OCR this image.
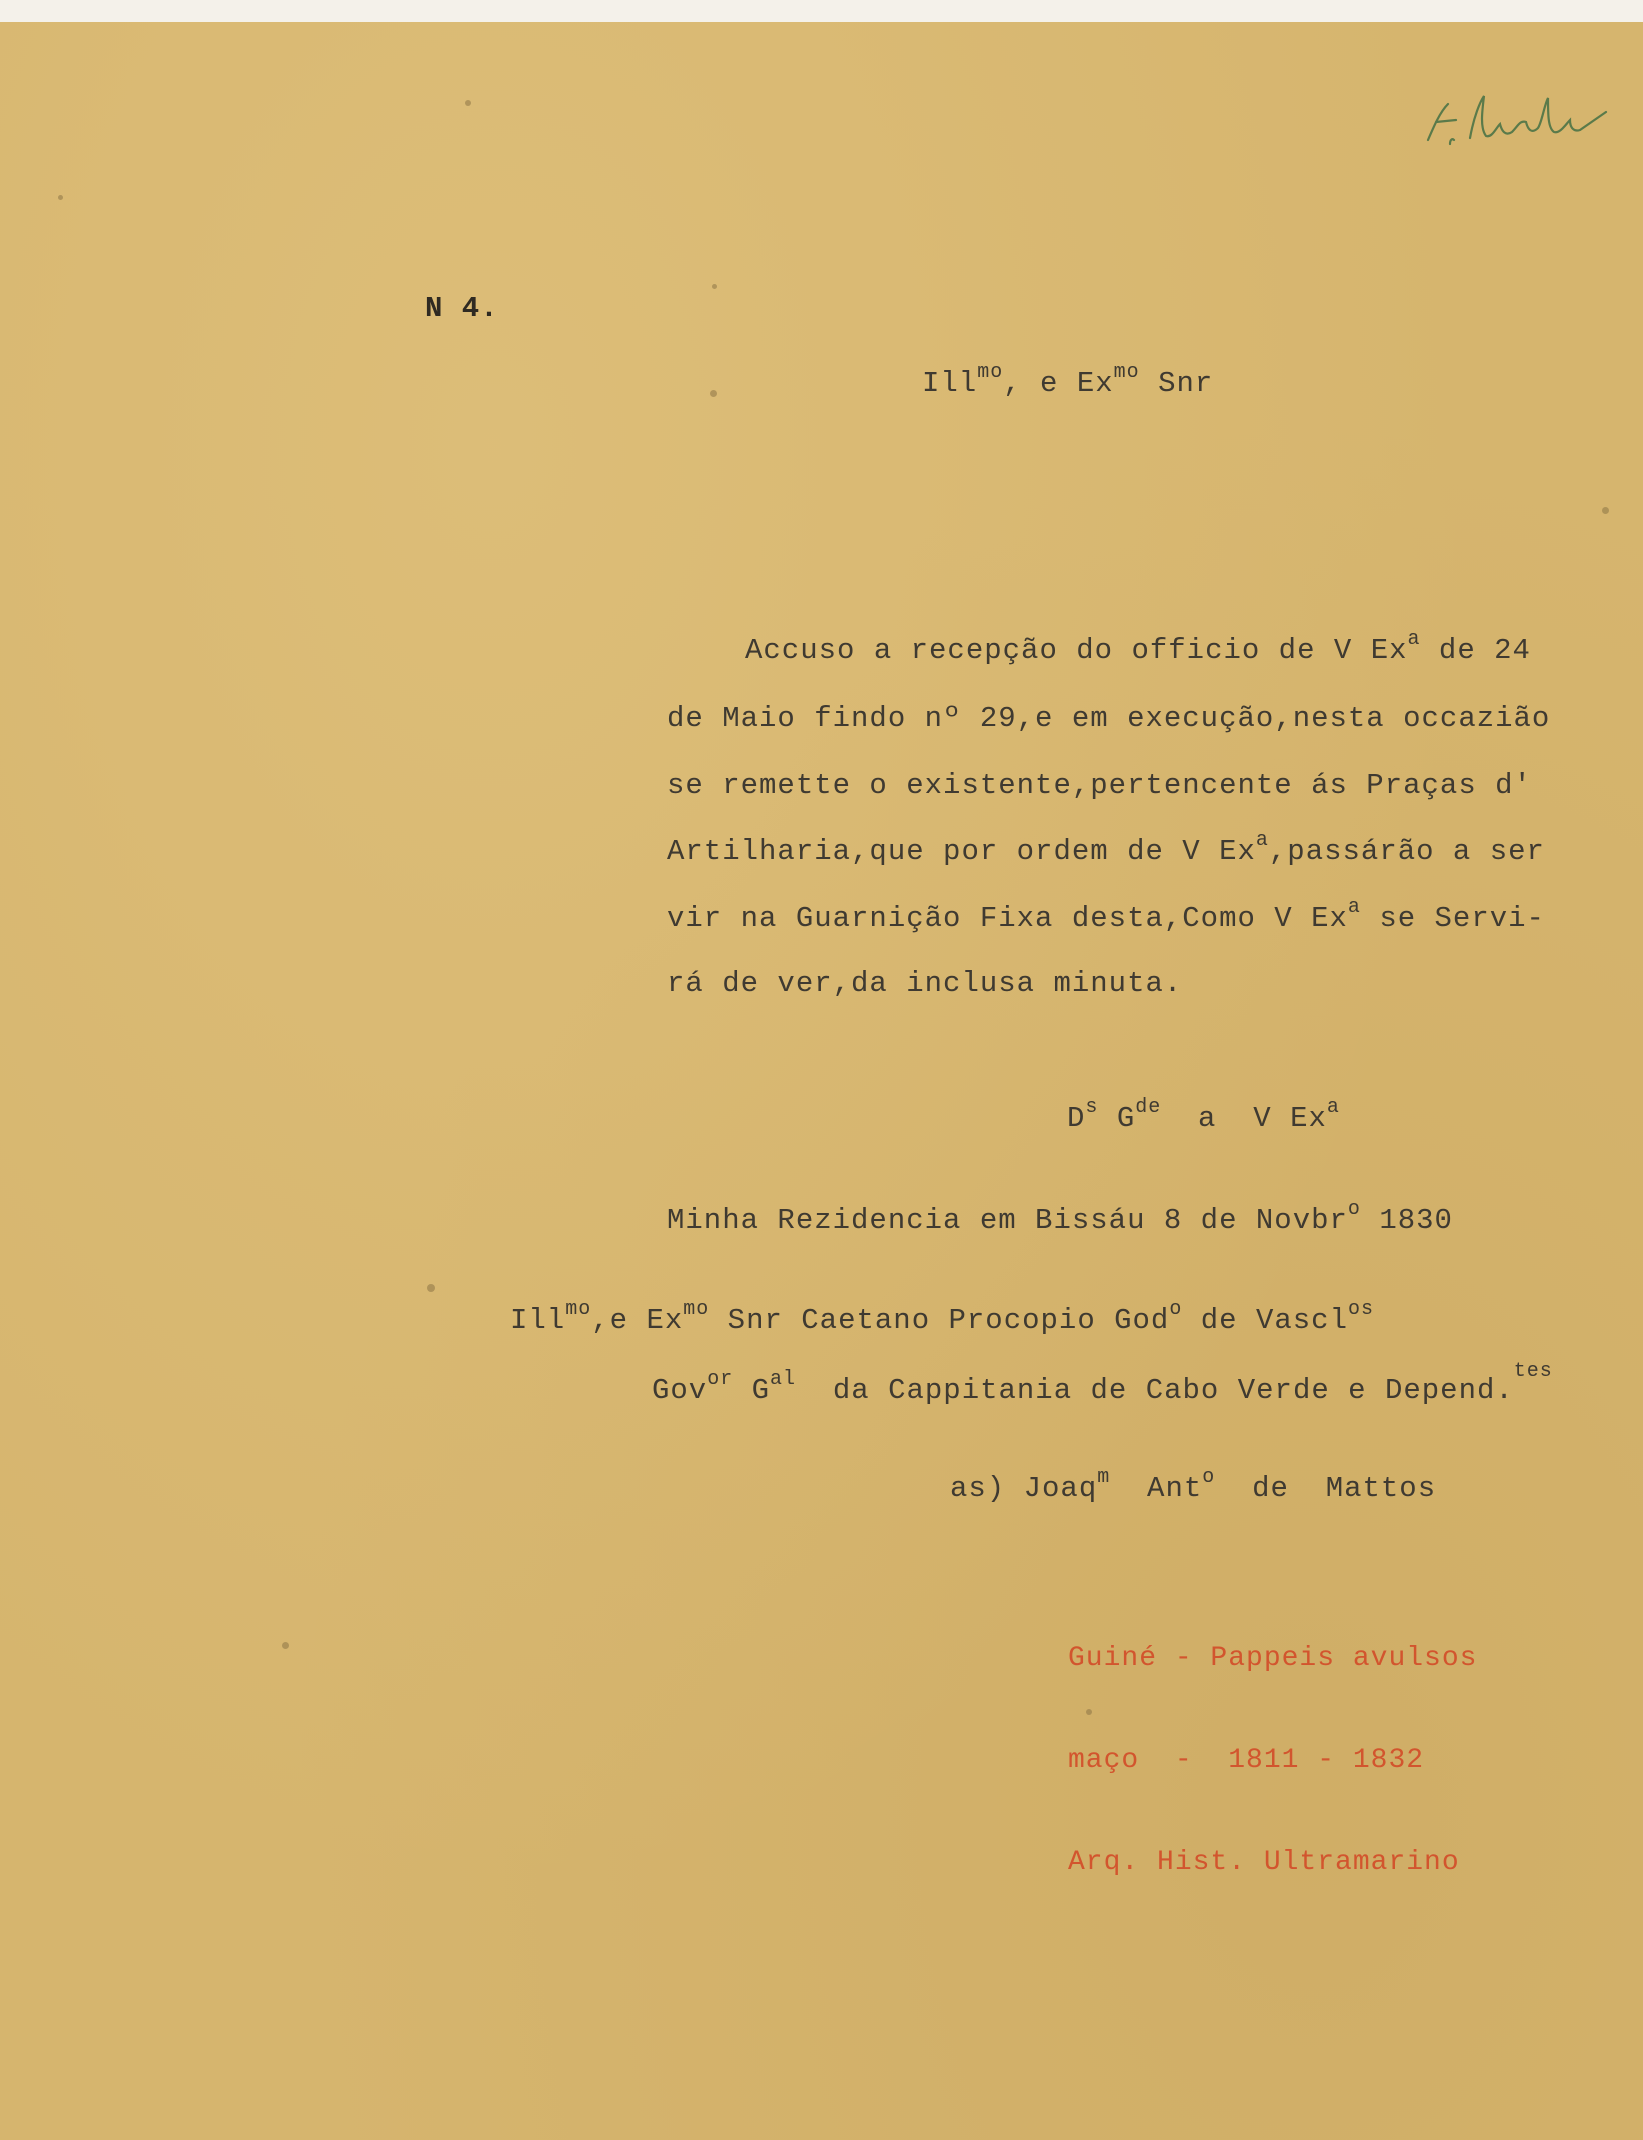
N 4.
Ill$^{mo}$, e $Ex^{mo}$ Snr
Accuso a recepção do officio de V Ex$^a$ de 24
de Maio findo nº 29,e em execução,nesta occazião
se remette o existente,pertencente ás Praças d'
Artilharia,que por ordem de V Ex$^a$,passárão a ser
vir na Guarnição Fixa desta,Como V Ex$^a$ se Servi-
rá de ver,da inclusa minuta.
$D^s$ $G^{de}$  a  V Ex$^a$
Minha Rezidencia em Bissáu 8 de Novbr$^o$ 1830
Ill$^{mo}$,e $Ex^{mo}$ Snr Caetano Procopio God$^o$ de Vascl$^{os}$
Gov$^{or}$ $G^{al}$  da Cappitania de Cabo Verde e Depend.$^{tes}$
as) Joaq$^m$  Ant$^o$  de  Mattos

Guiné - Pappeis avulsos

maço  -  1811 - 1832

Arq. Hist. Ultramarino
